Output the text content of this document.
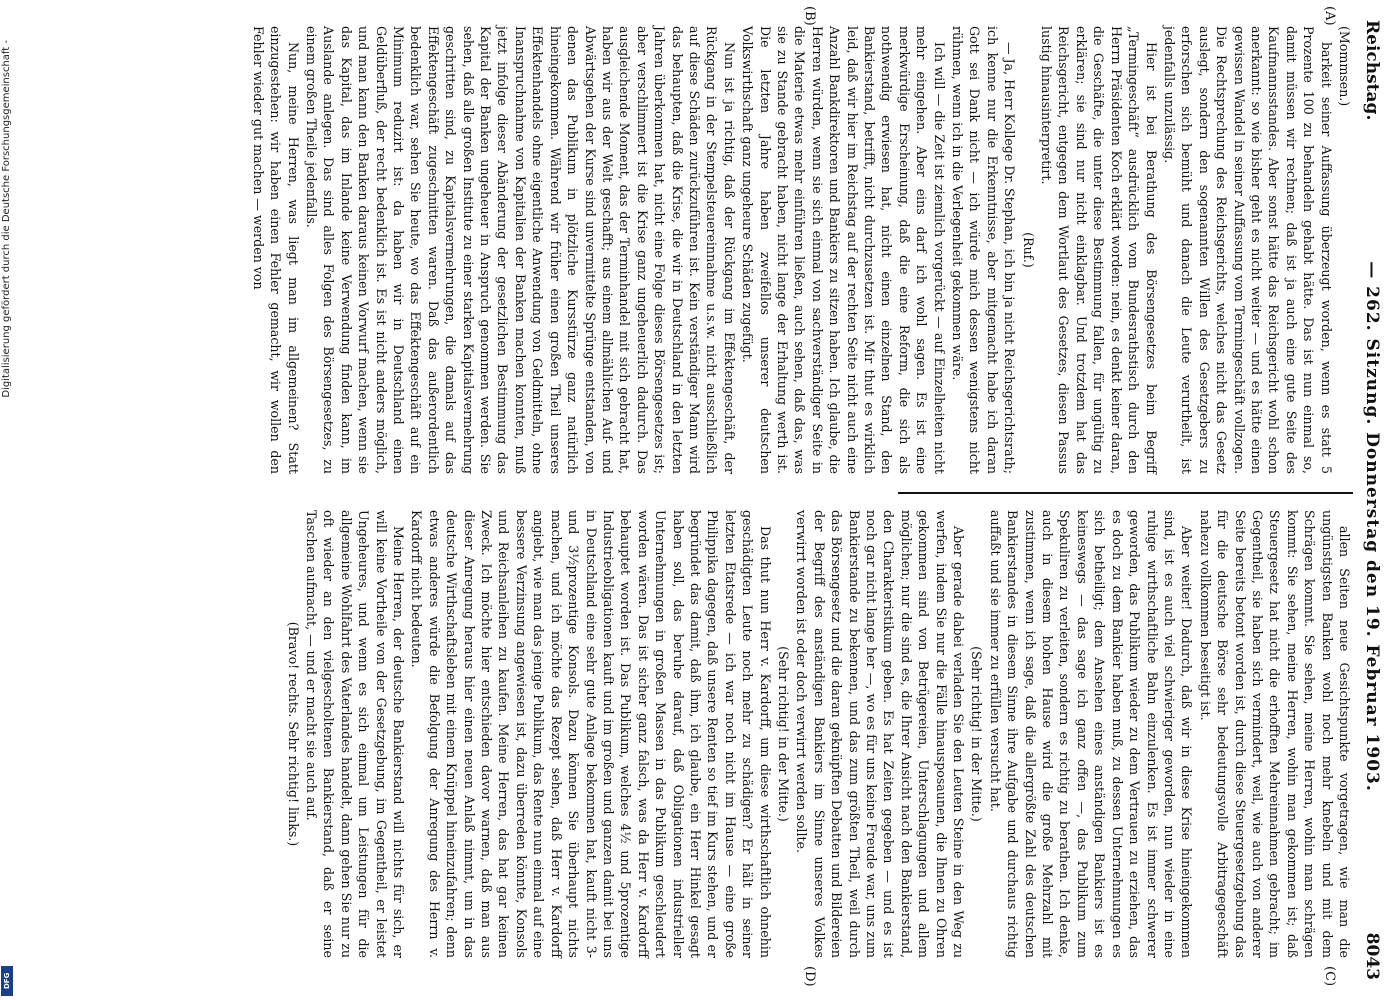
Reichstag.
— 262. Sitzung. Donnerstag den 19. Februar 1903.
8043
(A)
(B)
(C)
(D)

(Mommsen.)

barkeit seiner Auffassung überzeugt worden, wenn es statt 5 Prozente 100 zu behandeln gehabt hätte. Das ist nun einmal so, damit müssen wir rechnen; daß ist ja auch eine gute Seite des Kaufmannsstandes. Aber sonst hätte das Reichsgericht wohl schon anerkannt: so wie bisher geht es nicht weiter — und es hätte einen gewissen Wandel in seiner Auffassung vom Termingeschäft vollzogen. Die Rechtsprechung des Reichsgerichts, welches nicht das Gesetz auslegt, sondern den sogenannten Willen des Gesetzgebers zu erforschen sich bemüht und danach die Leute verurtheilt, ist jedenfalls unzulässig.

Hier ist bei Berathung des Börsengesetzes beim Begriff „Termingeschäft“ ausdrücklich vom Bundesrathstisch durch den Herrn Präsidenten Koch erklärt worden: nein, es denkt keiner daran, die Geschäfte, die unter diese Bestimmung fallen, für ungültig zu erklären; sie sind nur nicht einklagbar. Und trotzdem hat das Reichsgericht, entgegen dem Wortlaut des Gesetzes, diesen Passus lustig hinausinterpretirt.

(Ruf.)

— Ja, Herr Kollege Dr. Stephan, ich bin ja nicht Reichsgerichtsrath; ich kenne nur die Erkenntnisse, aber mitgemacht habe ich daran Gott sei Dank nicht — ich würde mich dessen wenigstens nicht rühmen, wenn ich in die Verlegenheit gekommen wäre.

Ich will — die Zeit ist ziemlich vorgerückt — auf Einzelheiten nicht mehr eingehen. Aber eins darf ich wohl sagen. Es ist eine merkwürdige Erscheinung, daß die eine Reform, die sich als nothwendig erwiesen hat, nicht einen einzelnen Stand, den Bankierstand, betrifft, nicht durchzusetzen ist. Mir thut es wirklich leid, daß wir hier im Reichstag auf der rechten Seite nicht auch eine Anzahl Bankdirektoren und Bankiers zu sitzen haben. Ich glaube, die Herren würden, wenn sie sich einmal von sachverständiger Seite in die Materie etwas mehr einführen ließen, auch sehen, daß das, was sie zu Stande gebracht haben, nicht lange der Erhaltung werth ist. Die letzten Jahre haben zweifellos unserer deutschen Volkswirthschaft ganz ungeheure Schäden zugefügt.

Nun ist ja richtig, daß der Rückgang im Effektengeschäft, der Rückgang in der Stempelsteuereinnahme u.s.w. nicht ausschließlich auf diese Schäden zurückzuführen ist. Kein verständiger Mann wird das behaupten, daß die Krise, die wir in Deutschland in den letzten Jahren überkommen hat, nicht eine Folge dieses Börsengesetzes ist; aber verschlimmert ist die Krise ganz ungeheuerlich dadurch. Das ausgleichende Moment, das der Terminhandel mit sich gebracht hat, haben wir aus der Welt geschafft; aus einem allmählichen Auf- und Abwärtsgehen der Kurse sind unvermittelte Sprünge entstanden, von denen das Publikum in plötzliche Kursstürze ganz natürlich hineingekommen. Während wir früher einen großen Theil unseres Effektenhandels ohne eigentliche Anwendung von Geldmitteln, ohne Inanspruchnahme von Kapitalien der Banken machen konnten, muß jetzt infolge dieser Abänderung der gesetzlichen Bestimmung das Kapital der Banken ungeheuer in Anspruch genommen werden. Sie sehen, daß alle großen Institute zu einer starken Kapitalsvermehrung geschritten sind, zu Kapitalsvermehrungen, die damals auf das Effektengeschäft zugeschnitten waren. Daß das außerordentlich bedenklich war, sehen Sie heute, wo das Effektengeschäft auf ein Minimum reduzirt ist: da haben wir in Deutschland einen Geldüberfluß, der recht bedenklich ist. Es ist nicht anders möglich, und man kann den Banken daraus keinen Vorwurf machen, wenn sie das Kapital, das im Inlande keine Verwendung finden kann, im Auslande anlegen. Das sind alles Folgen des Börsengesetzes, zu einem großen Theile jedenfalls.

Nun, meine Herren, was liegt man im allgemeinen? Statt einzugestehen: wir haben einen Fehler gemacht, wir wollen den Fehler wieder gut machen — werden von

allen Seiten neue Gesichtspunkte vorgetragen, wie man die ungünstigsten Banken wohl noch mehr knebeln und mit dem Schrägen kommt. Sie sehen, meine Herren, wohin man schrägen kommt: Sie sehen, meine Herren, wohin man gekommen ist; daß Steuergesetz hat nicht die erhofften Mehreinnahmen gebracht; im Gegentheil, sie haben sich vermindert, weil, wie auch von anderer Seite bereits betont worden ist, durch diese Steuergesetzgebung das für die deutsche Börse sehr bedeutungsvolle Arbitragegeschäft nahezu vollkommen beseitigt ist.

Aber weiter! Dadurch, daß wir in diese Krise hineingekommen sind, ist es auch viel schwieriger geworden, nun wieder in eine ruhige wirthschaftliche Bahn einzulenken. Es ist immer schwerer geworden, das Publikum wieder zu dem Vertrauen zu erziehen, das es doch zu dem Bankier haben muß, zu dessen Unternehmungen es sich betheiligt; dem Ansehen eines anständigen Bankiers ist es keineswegs — das sage ich ganz offen —, das Publikum zum Spekuliren zu verleiten, sondern es richtig zu berathen. Ich denke, auch in diesem hohen Hause wird die große Mehrzahl mit zustimmen, wenn ich sage, daß die allergrößte Zahl des deutschen Bankierstandes in diesem Sinne ihre Aufgabe und durchaus richtig auffaßt und sie immer zu erfüllen versucht hat.

(Sehr richtig! in der Mitte.)

Aber gerade dabei verladen Sie den Leuten Steine in den Weg zu werfen, indem Sie nur die Fälle hinausposaunen, die Ihnen zu Ohren gekommen sind von Betrügereien, Unterschlagungen und allem möglichen; nur die sind es, die Ihrer Ansicht nach den Bankierstand, den Charakteristikum geben. Es hat Zeiten gegeben — und es ist noch gar nicht lange her —, wo es für uns keine Freude war, uns zum Bankierstande zu bekennen, und das zum größten Theil, weil durch das Börsengesetz und die daran geknüpften Debatten und Bildereien der Begriff des anständigen Bankiers im Sinne unseres Volkes verwirrt worden ist oder doch verwirrt werden sollte.

(Sehr richtig! in der Mitte.)

Das thut nun Herr v. Kardorff, um diese wirthschaftlich ohnehin geschädigten Leute noch mehr zu schädigen? Er hält in seiner letzten Etatsrede — ich war noch nicht im Hause — eine große Philippika dagegen, daß unsere Renten so tief im Kurs stehen, und er begründet das damit, daß ihm, ich glaube, ein Herr Hinkel gesagt haben soll, das beruhe darauf, daß Obligationen industrieller Unternehmungen in großen Massen in das Publikum geschleudert worden wären. Das ist sicher ganz falsch, was da Herr v. Kardorff behauptet worden ist. Das Publikum, welches 4½ und 5prozentige Industrieobligationen kauft und im großen und ganzen damit bei uns in Deutschland eine sehr gute Anlage bekommen hat, kauft nicht 3- und 3½prozentige Konsols. Dazu können Sie überhaupt nichts machen, und ich möchte das Rezept sehen, daß Herr v. Kardorff angiebt, wie man das jenige Publikum, das Rente nun einmal auf eine bessere Verzinsung angewiesen ist, dazu überreden könnte, Konsols und Reichsanleihen zu kaufen. Meine Herren, das hat gar keinen Zweck. Ich möchte hier entschieden davor warnen, daß man aus dieser Anregung heraus hier einen neuen Anlaß nimmt, um in das deutsche Wirthschaftsleben mit einem Knüppel hineinzufahren; denn etwas anderes würde die Befolgung der Anregung des Herrn v. Kardorff nicht bedeuten.

Meine Herren, der deutsche Bankierstand will nichts für sich, er will keine Vortheile von der Gesetzgebung, im Gegentheil, er leistet Ungeheures, und wenn es sich einmal um Leistungen für die allgemeine Wohlfahrt des Vaterlandes handelt, dann gehen Sie nur zu oft wieder an den vielgescholtenen Bankierstand, daß er seine Taschen aufmacht, — und er macht sie auch auf.

(Bravo! rechts. Sehr richtig! links.)

Digitalisierung gefördert durch die Deutsche Forschungsgemeinschaft -
DFG
